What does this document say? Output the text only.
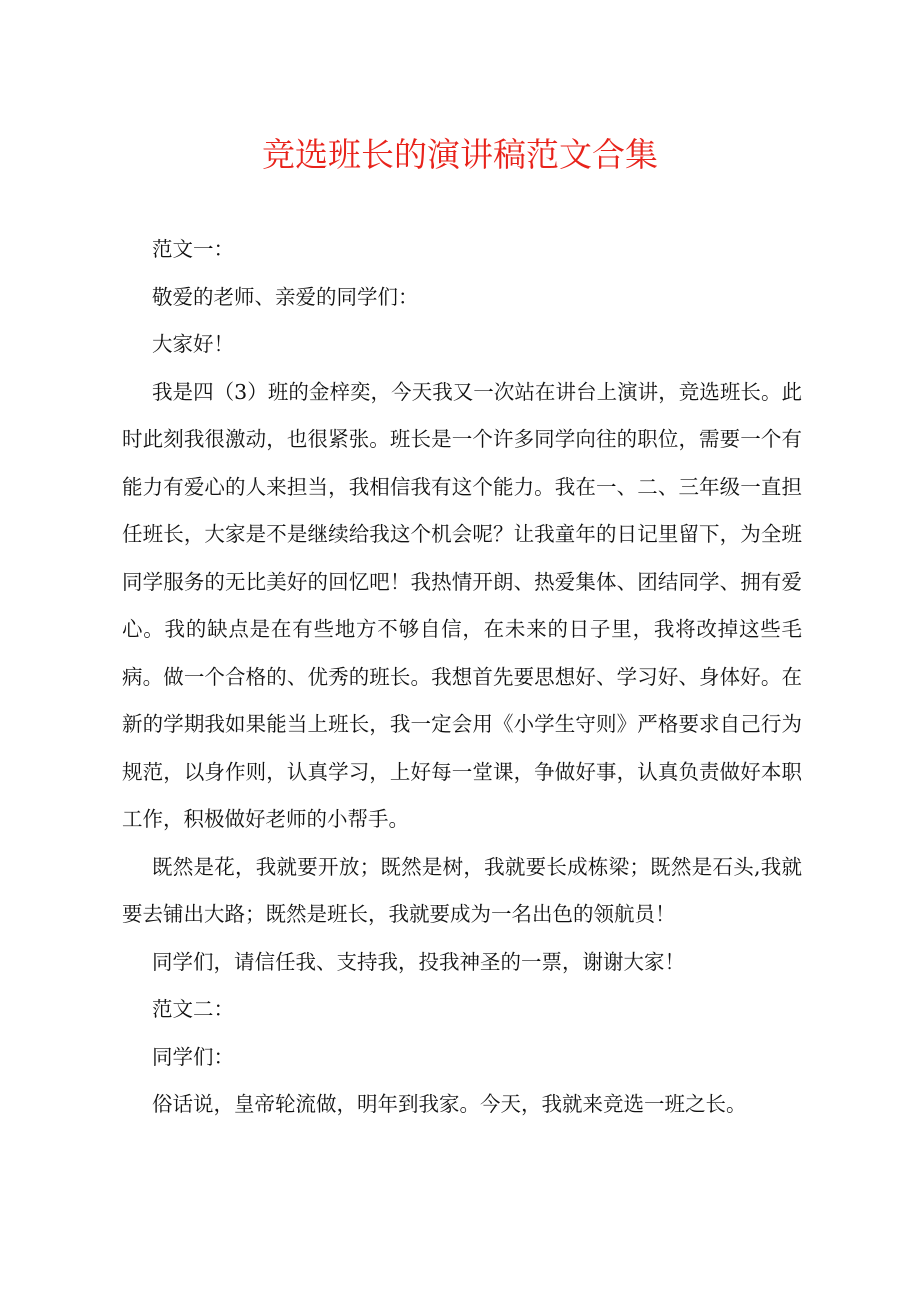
竞选班长的演讲稿范文合集

范文一：

敬爱的老师、亲爱的同学们：

大家好！

我是四（3）班的金梓奕，今天我又一次站在讲台上演讲，竞选班长。此时此刻我很激动，也很紧张。班长是一个许多同学向往的职位，需要一个有能力有爱心的人来担当，我相信我有这个能力。我在一、二、三年级一直担任班长，大家是不是继续给我这个机会呢？让我童年的日记里留下，为全班同学服务的无比美好的回忆吧！我热情开朗、热爱集体、团结同学、拥有爱心。我的缺点是在有些地方不够自信，在未来的日子里，我将改掉这些毛病。做一个合格的、优秀的班长。我想首先要思想好、学习好、身体好。在新的学期我如果能当上班长，我一定会用《小学生守则》严格要求自己行为规范，以身作则，认真学习，上好每一堂课，争做好事，认真负责做好本职工作，积极做好老师的小帮手。

既然是花，我就要开放；既然是树，我就要长成栋梁；既然是石头,我就要去铺出大路；既然是班长，我就要成为一名出色的领航员！

同学们，请信任我、支持我，投我神圣的一票，谢谢大家！

范文二：

同学们：

俗话说，皇帝轮流做，明年到我家。今天，我就来竞选一班之长。
